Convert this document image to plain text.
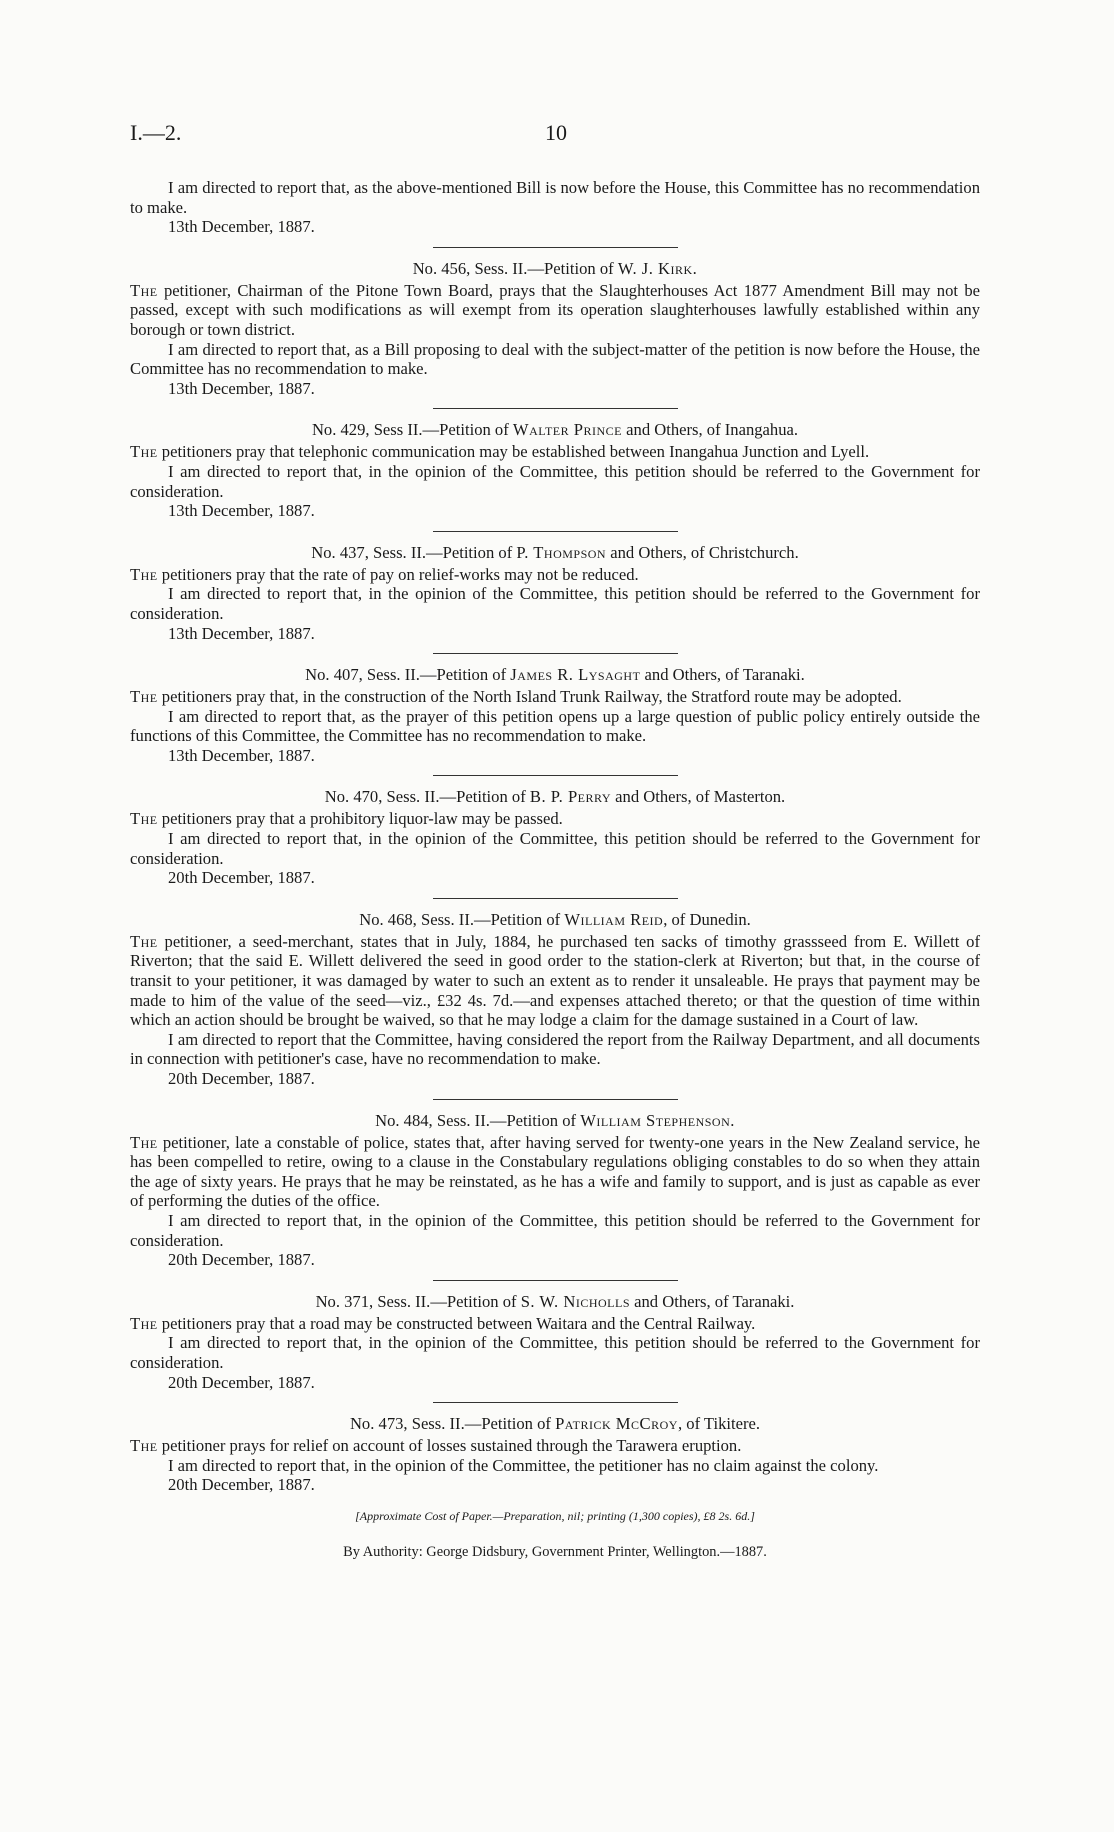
I.—2.	10

I am directed to report that, as the above-mentioned Bill is now before the House, this Committee has no recommendation to make.

13th December, 1887.

No. 456, Sess. II.—Petition of W. J. Kirk.

The petitioner, Chairman of the Pitone Town Board, prays that the Slaughterhouses Act 1877 Amendment Bill may not be passed, except with such modifications as will exempt from its operation slaughterhouses lawfully established within any borough or town district.

I am directed to report that, as a Bill proposing to deal with the subject-matter of the petition is now before the House, the Committee has no recommendation to make.

13th December, 1887.

No. 429, Sess II.—Petition of Walter Prince and Others, of Inangahua.

The petitioners pray that telephonic communication may be established between Inangahua Junction and Lyell.

I am directed to report that, in the opinion of the Committee, this petition should be referred to the Government for consideration.

13th December, 1887.

No. 437, Sess. II.—Petition of P. Thompson and Others, of Christchurch.

The petitioners pray that the rate of pay on relief-works may not be reduced.

I am directed to report that, in the opinion of the Committee, this petition should be referred to the Government for consideration.

13th December, 1887.

No. 407, Sess. II.—Petition of James R. Lysaght and Others, of Taranaki.

The petitioners pray that, in the construction of the North Island Trunk Railway, the Stratford route may be adopted.

I am directed to report that, as the prayer of this petition opens up a large question of public policy entirely outside the functions of this Committee, the Committee has no recommendation to make.

13th December, 1887.

No. 470, Sess. II.—Petition of B. P. Perry and Others, of Masterton.

The petitioners pray that a prohibitory liquor-law may be passed.

I am directed to report that, in the opinion of the Committee, this petition should be referred to the Government for consideration.

20th December, 1887.

No. 468, Sess. II.—Petition of William Reid, of Dunedin.

The petitioner, a seed-merchant, states that in July, 1884, he purchased ten sacks of timothy grassseed from E. Willett of Riverton; that the said E. Willett delivered the seed in good order to the station-clerk at Riverton; but that, in the course of transit to your petitioner, it was damaged by water to such an extent as to render it unsaleable. He prays that payment may be made to him of the value of the seed—viz., £32 4s. 7d.—and expenses attached thereto; or that the question of time within which an action should be brought be waived, so that he may lodge a claim for the damage sustained in a Court of law.

I am directed to report that the Committee, having considered the report from the Railway Department, and all documents in connection with petitioner's case, have no recommendation to make.

20th December, 1887.

No. 484, Sess. II.—Petition of William Stephenson.

The petitioner, late a constable of police, states that, after having served for twenty-one years in the New Zealand service, he has been compelled to retire, owing to a clause in the Constabulary regulations obliging constables to do so when they attain the age of sixty years. He prays that he may be reinstated, as he has a wife and family to support, and is just as capable as ever of performing the duties of the office.

I am directed to report that, in the opinion of the Committee, this petition should be referred to the Government for consideration.

20th December, 1887.

No. 371, Sess. II.—Petition of S. W. Nicholls and Others, of Taranaki.

The petitioners pray that a road may be constructed between Waitara and the Central Railway.

I am directed to report that, in the opinion of the Committee, this petition should be referred to the Government for consideration.

20th December, 1887.

No. 473, Sess. II.—Petition of Patrick McCroy, of Tikitere.

The petitioner prays for relief on account of losses sustained through the Tarawera eruption.

I am directed to report that, in the opinion of the Committee, the petitioner has no claim against the colony.

20th December, 1887.

[Approximate Cost of Paper.—Preparation, nil; printing (1,300 copies), £8 2s. 6d.]
By Authority: George Didsbury, Government Printer, Wellington.—1887.
